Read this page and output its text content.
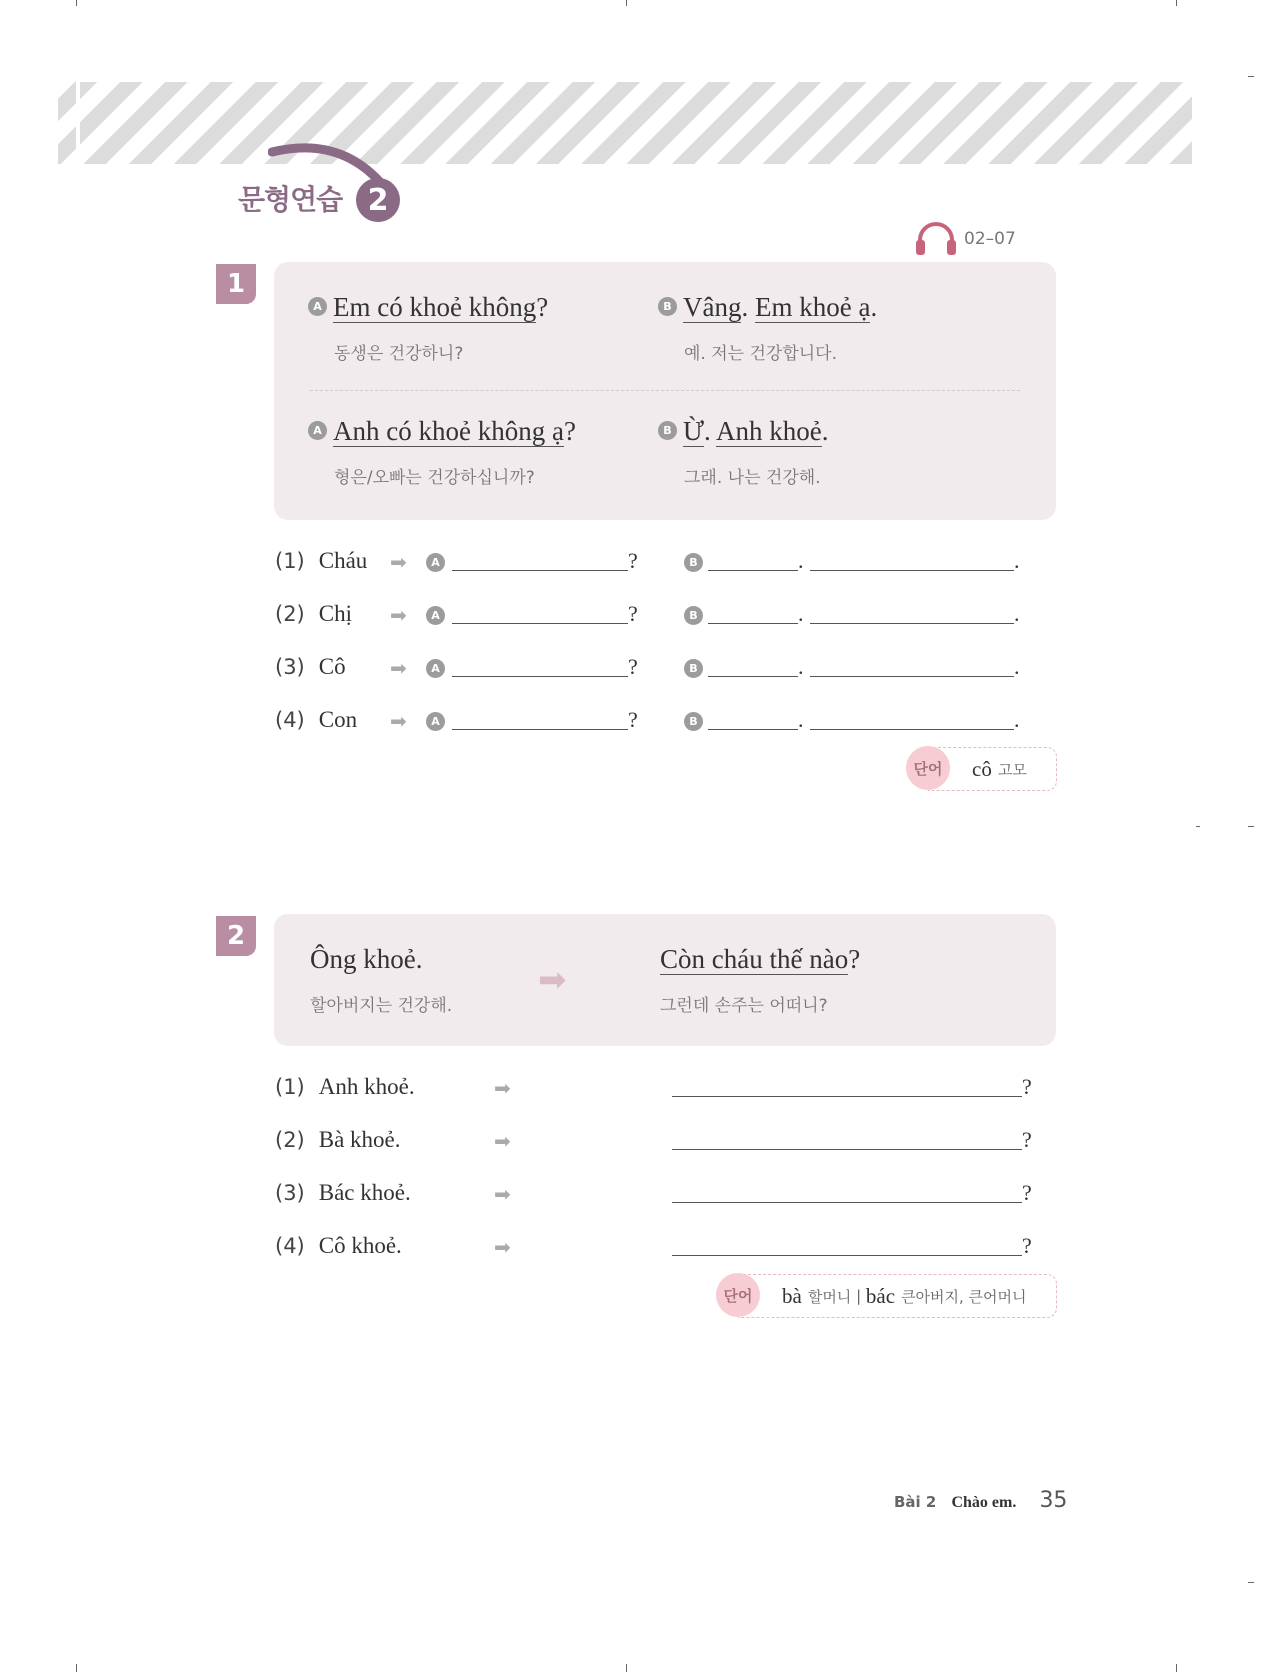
문형연습 2
02–07
1
A Em có khoẻ không?
동생은 건강하니?
B Vâng. Em khoẻ ạ.
예. 저는 건강합니다.
A Anh có khoẻ không ạ?
형은/오빠는 건강하십니까?
B Ừ. Anh khoẻ.
그래. 나는 건강해.
(1) Cháu ➡	A	?	B	.	.
(2) Chị ➡	A	?	B	.	.
(3) Cô ➡	A	?	B	.	.
(4) Con ➡	A	?	B	.	.
cô 고모
단어
2
Ông khoẻ.
할아버지는 건강해.
➡
Còn cháu thế nào?
그런데 손주는 어떠니?
(1) Anh khoẻ.	➡	?
(2) Bà khoẻ.	➡	?
(3) Bác khoẻ.	➡	?
(4) Cô khoẻ.	➡	?
bà 할머니 | bác 큰아버지, 큰어머니
단어
Bài 2 Chào em. 35
